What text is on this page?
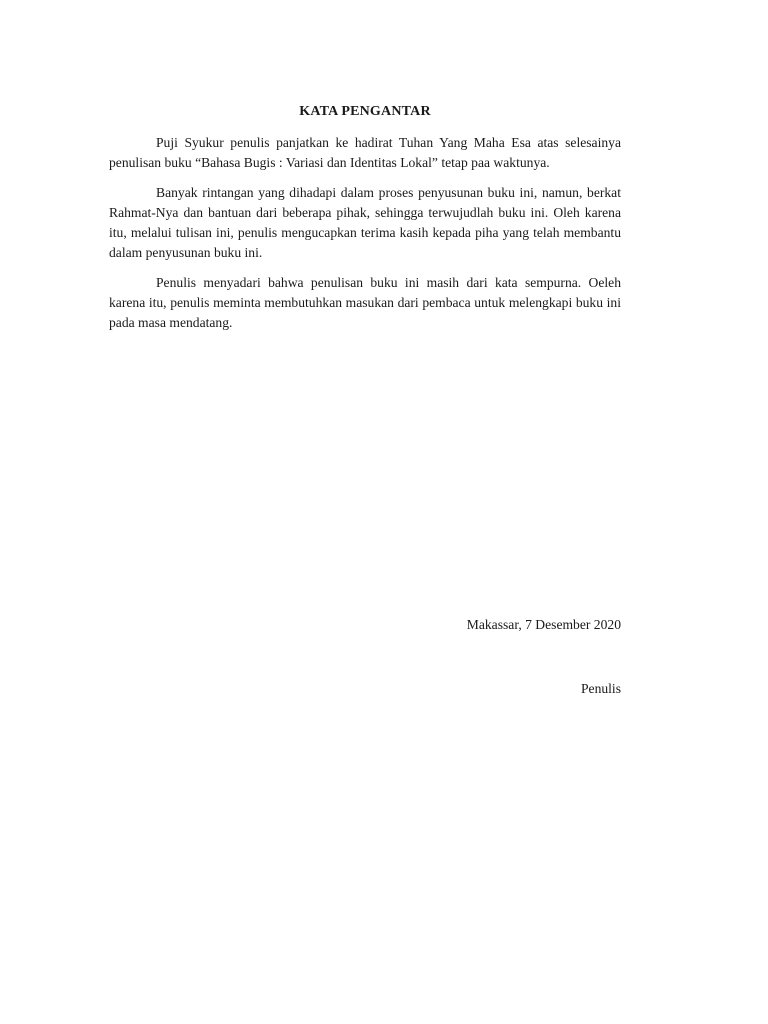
KATA PENGANTAR

Puji Syukur penulis panjatkan ke hadirat Tuhan Yang Maha Esa atas selesainya penulisan buku “Bahasa Bugis : Variasi dan Identitas Lokal” tetap paa waktunya.

Banyak rintangan yang dihadapi dalam proses penyusunan buku ini, namun, berkat Rahmat-Nya dan bantuan dari beberapa pihak, sehingga terwujudlah buku ini. Oleh karena itu, melalui tulisan ini, penulis mengucapkan terima kasih kepada piha yang telah membantu dalam penyusunan buku ini.

Penulis menyadari bahwa penulisan buku ini masih dari kata sempurna. Oeleh karena itu, penulis meminta membutuhkan masukan dari pembaca untuk melengkapi buku ini pada masa mendatang.

Makassar, 7 Desember 2020
Penulis
